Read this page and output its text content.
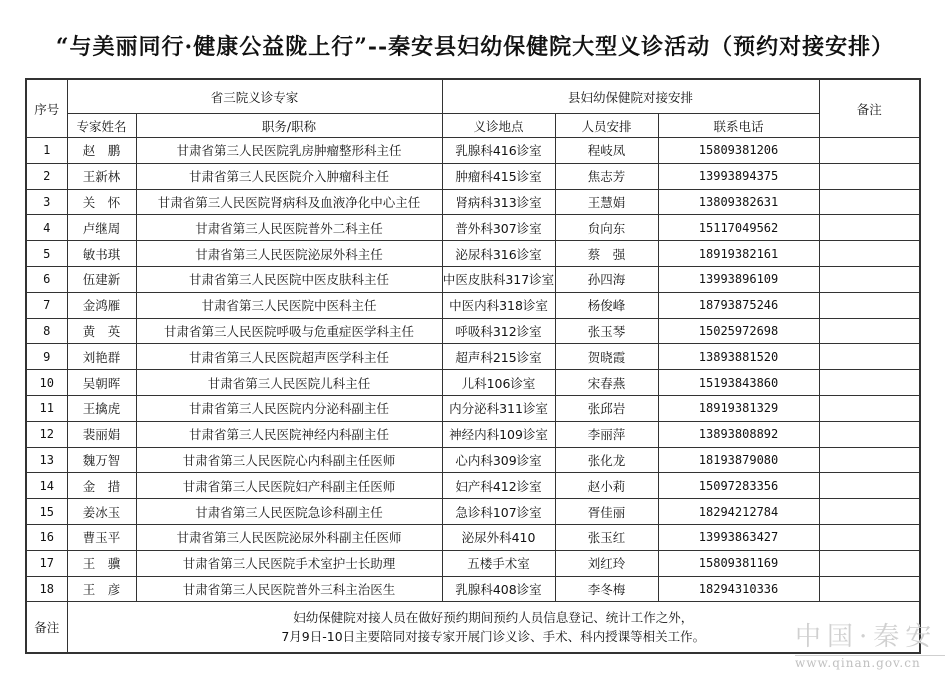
“与美丽同行·健康公益陇上行”--秦安县妇幼保健院大型义诊活动（预约对接安排）
序号	省三院义诊专家		县妇幼保健院对接安排			备注
	专家姓名	职务/职称	义诊地点	人员安排	联系电话	
1	赵　鹏	甘肃省第三人民医院乳房肿瘤整形科主任	乳腺科416诊室	程岐凤	15809381206	
2	王新林	甘肃省第三人民医院介入肿瘤科主任	肿瘤科415诊室	焦志芳	13993894375	
3	关　怀	甘肃省第三人民医院肾病科及血液净化中心主任	肾病科313诊室	王慧娟	13809382631	
4	卢继周	甘肃省第三人民医院普外二科主任	普外科307诊室	贠向东	15117049562	
5	敏书琪	甘肃省第三人民医院泌尿外科主任	泌尿科316诊室	蔡　强	18919382161	
6	伍建新	甘肃省第三人民医院中医皮肤科主任	中医皮肤科317诊室	孙四海	13993896109	
7	金鸿雁	甘肃省第三人民医院中医科主任	中医内科318诊室	杨俊峰	18793875246	
8	黄　英	甘肃省第三人民医院呼吸与危重症医学科主任	呼吸科312诊室	张玉琴	15025972698	
9	刘艳群	甘肃省第三人民医院超声医学科主任	超声科215诊室	贺晓霞	13893881520	
10	吴朝晖	甘肃省第三人民医院儿科主任	儿科106诊室	宋春燕	15193843860	
11	王擒虎	甘肃省第三人民医院内分泌科副主任	内分泌科311诊室	张邱岩	18919381329	
12	裴丽娟	甘肃省第三人民医院神经内科副主任	神经内科109诊室	李丽萍	13893808892	
13	魏万智	甘肃省第三人民医院心内科副主任医师	心内科309诊室	张化龙	18193879080	
14	金　措	甘肃省第三人民医院妇产科副主任医师	妇产科412诊室	赵小莉	15097283356	
15	姜冰玉	甘肃省第三人民医院急诊科副主任	急诊科107诊室	胥佳丽	18294212784	
16	曹玉平	甘肃省第三人民医院泌尿外科副主任医师	泌尿外科410	张玉红	13993863427	
17	王　骥	甘肃省第三人民医院手术室护士长助理	五楼手术室	刘红玲	15809381169	
18	王　彦	甘肃省第三人民医院普外三科主治医生	乳腺科408诊室	李冬梅	18294310336	
备注	妇幼保健院对接人员在做好预约期间预约人员信息登记、统计工作之外，
7月9日-10日主要陪同对接专家开展门诊义诊、手术、科内授课等相关工作。						中国·秦安
www.qinan.gov.cn
